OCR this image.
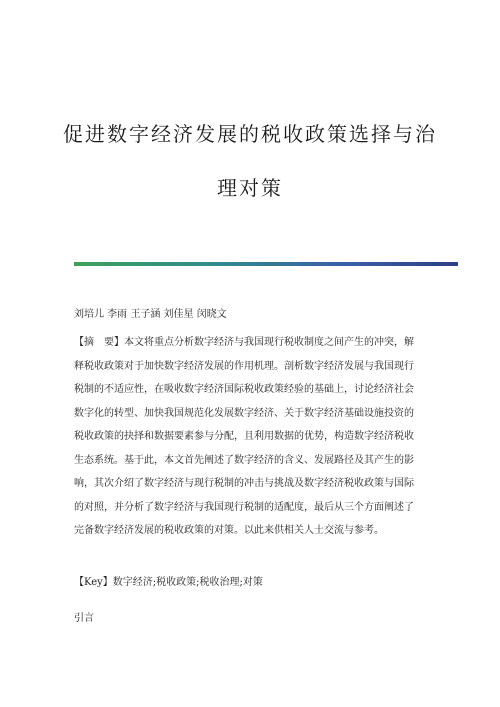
促进数字经济发展的税收政策选择与治
理对策
刘培儿 李雨 王子涵 刘佳星 闵晓文
【摘　要】本文将重点分析数字经济与我国现行税收制度之间产生的冲突，解
释税收政策对于加快数字经济发展的作用机理。剖析数字经济发展与我国现行
税制的不适应性，在吸收数字经济国际税收政策经验的基础上，讨论经济社会
数字化的转型、加快我国规范化发展数字经济、关于数字经济基础设施投资的
税收政策的抉择和数据要素参与分配，且利用数据的优势，构造数字经济税收
生态系统。基于此，本文首先阐述了数字经济的含义、发展路径及其产生的影
响，其次介绍了数字经济与现行税制的冲击与挑战及数字经济税收政策与国际
的对照，并分析了数字经济与我国现行税制的适配度，最后从三个方面阐述了
完备数字经济发展的税收政策的对策。以此来供相关人士交流与参考。
【Key】数字经济;税收政策;税收治理;对策
引言
